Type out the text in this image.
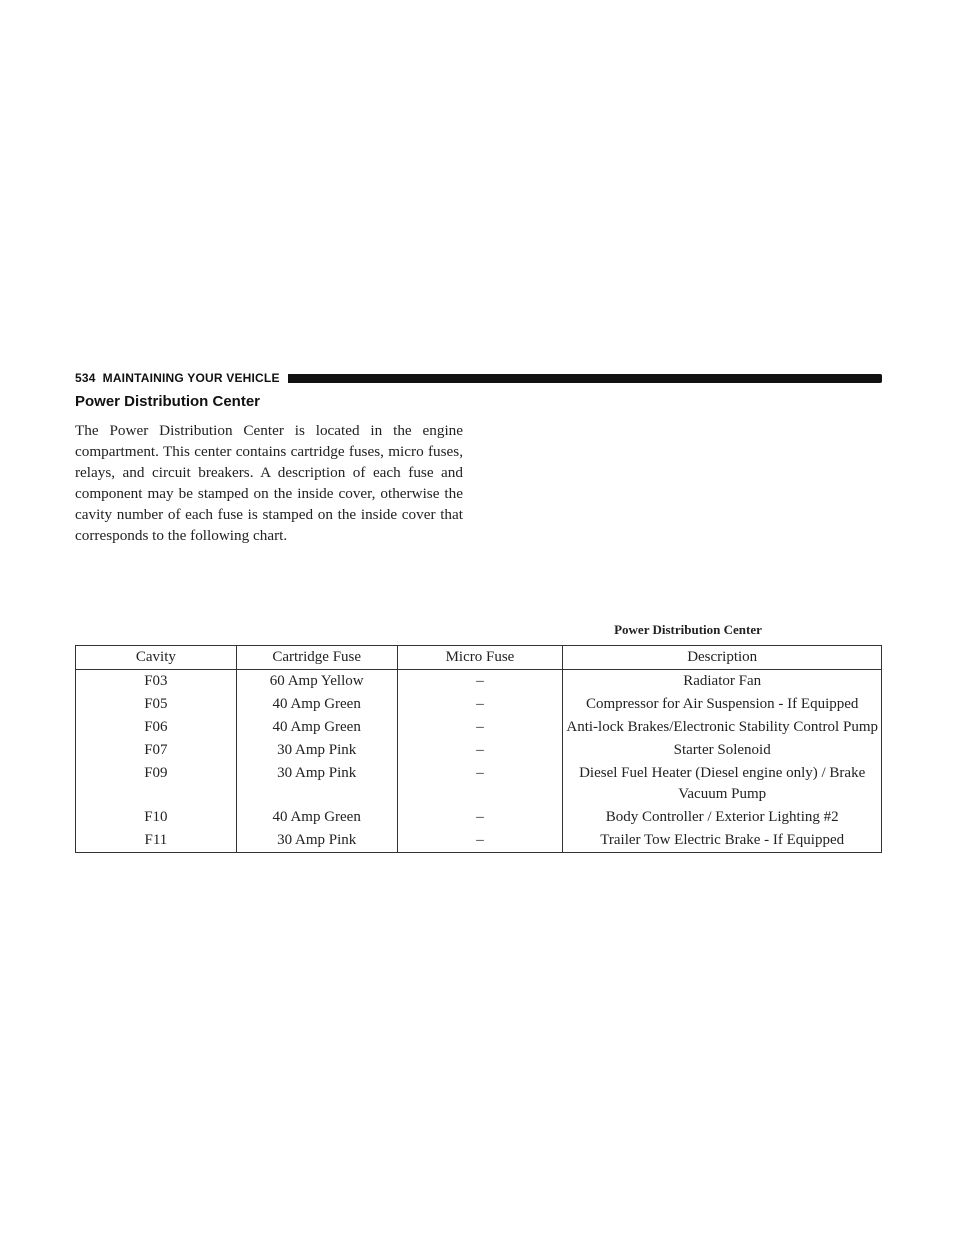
534 MAINTAINING YOUR VEHICLE
Power Distribution Center

The Power Distribution Center is located in the engine compartment. This center contains cartridge fuses, micro fuses, relays, and circuit breakers. A description of each fuse and component may be stamped on the inside cover, otherwise the cavity number of each fuse is stamped on the inside cover that corresponds to the following chart.

Power Distribution Center
Cavity	Cartridge Fuse	Micro Fuse	Description
F03	60 Amp Yellow	–	Radiator Fan
F05	40 Amp Green	–	Compressor for Air Suspension - If Equipped
F06	40 Amp Green	–	Anti-lock Brakes/Electronic Stability Control Pump
F07	30 Amp Pink	–	Starter Solenoid
F09	30 Amp Pink	–	Diesel Fuel Heater (Diesel engine only) / Brake Vacuum Pump
F10	40 Amp Green	–	Body Controller / Exterior Lighting #2
F11	30 Amp Pink	–	Trailer Tow Electric Brake - If Equipped
